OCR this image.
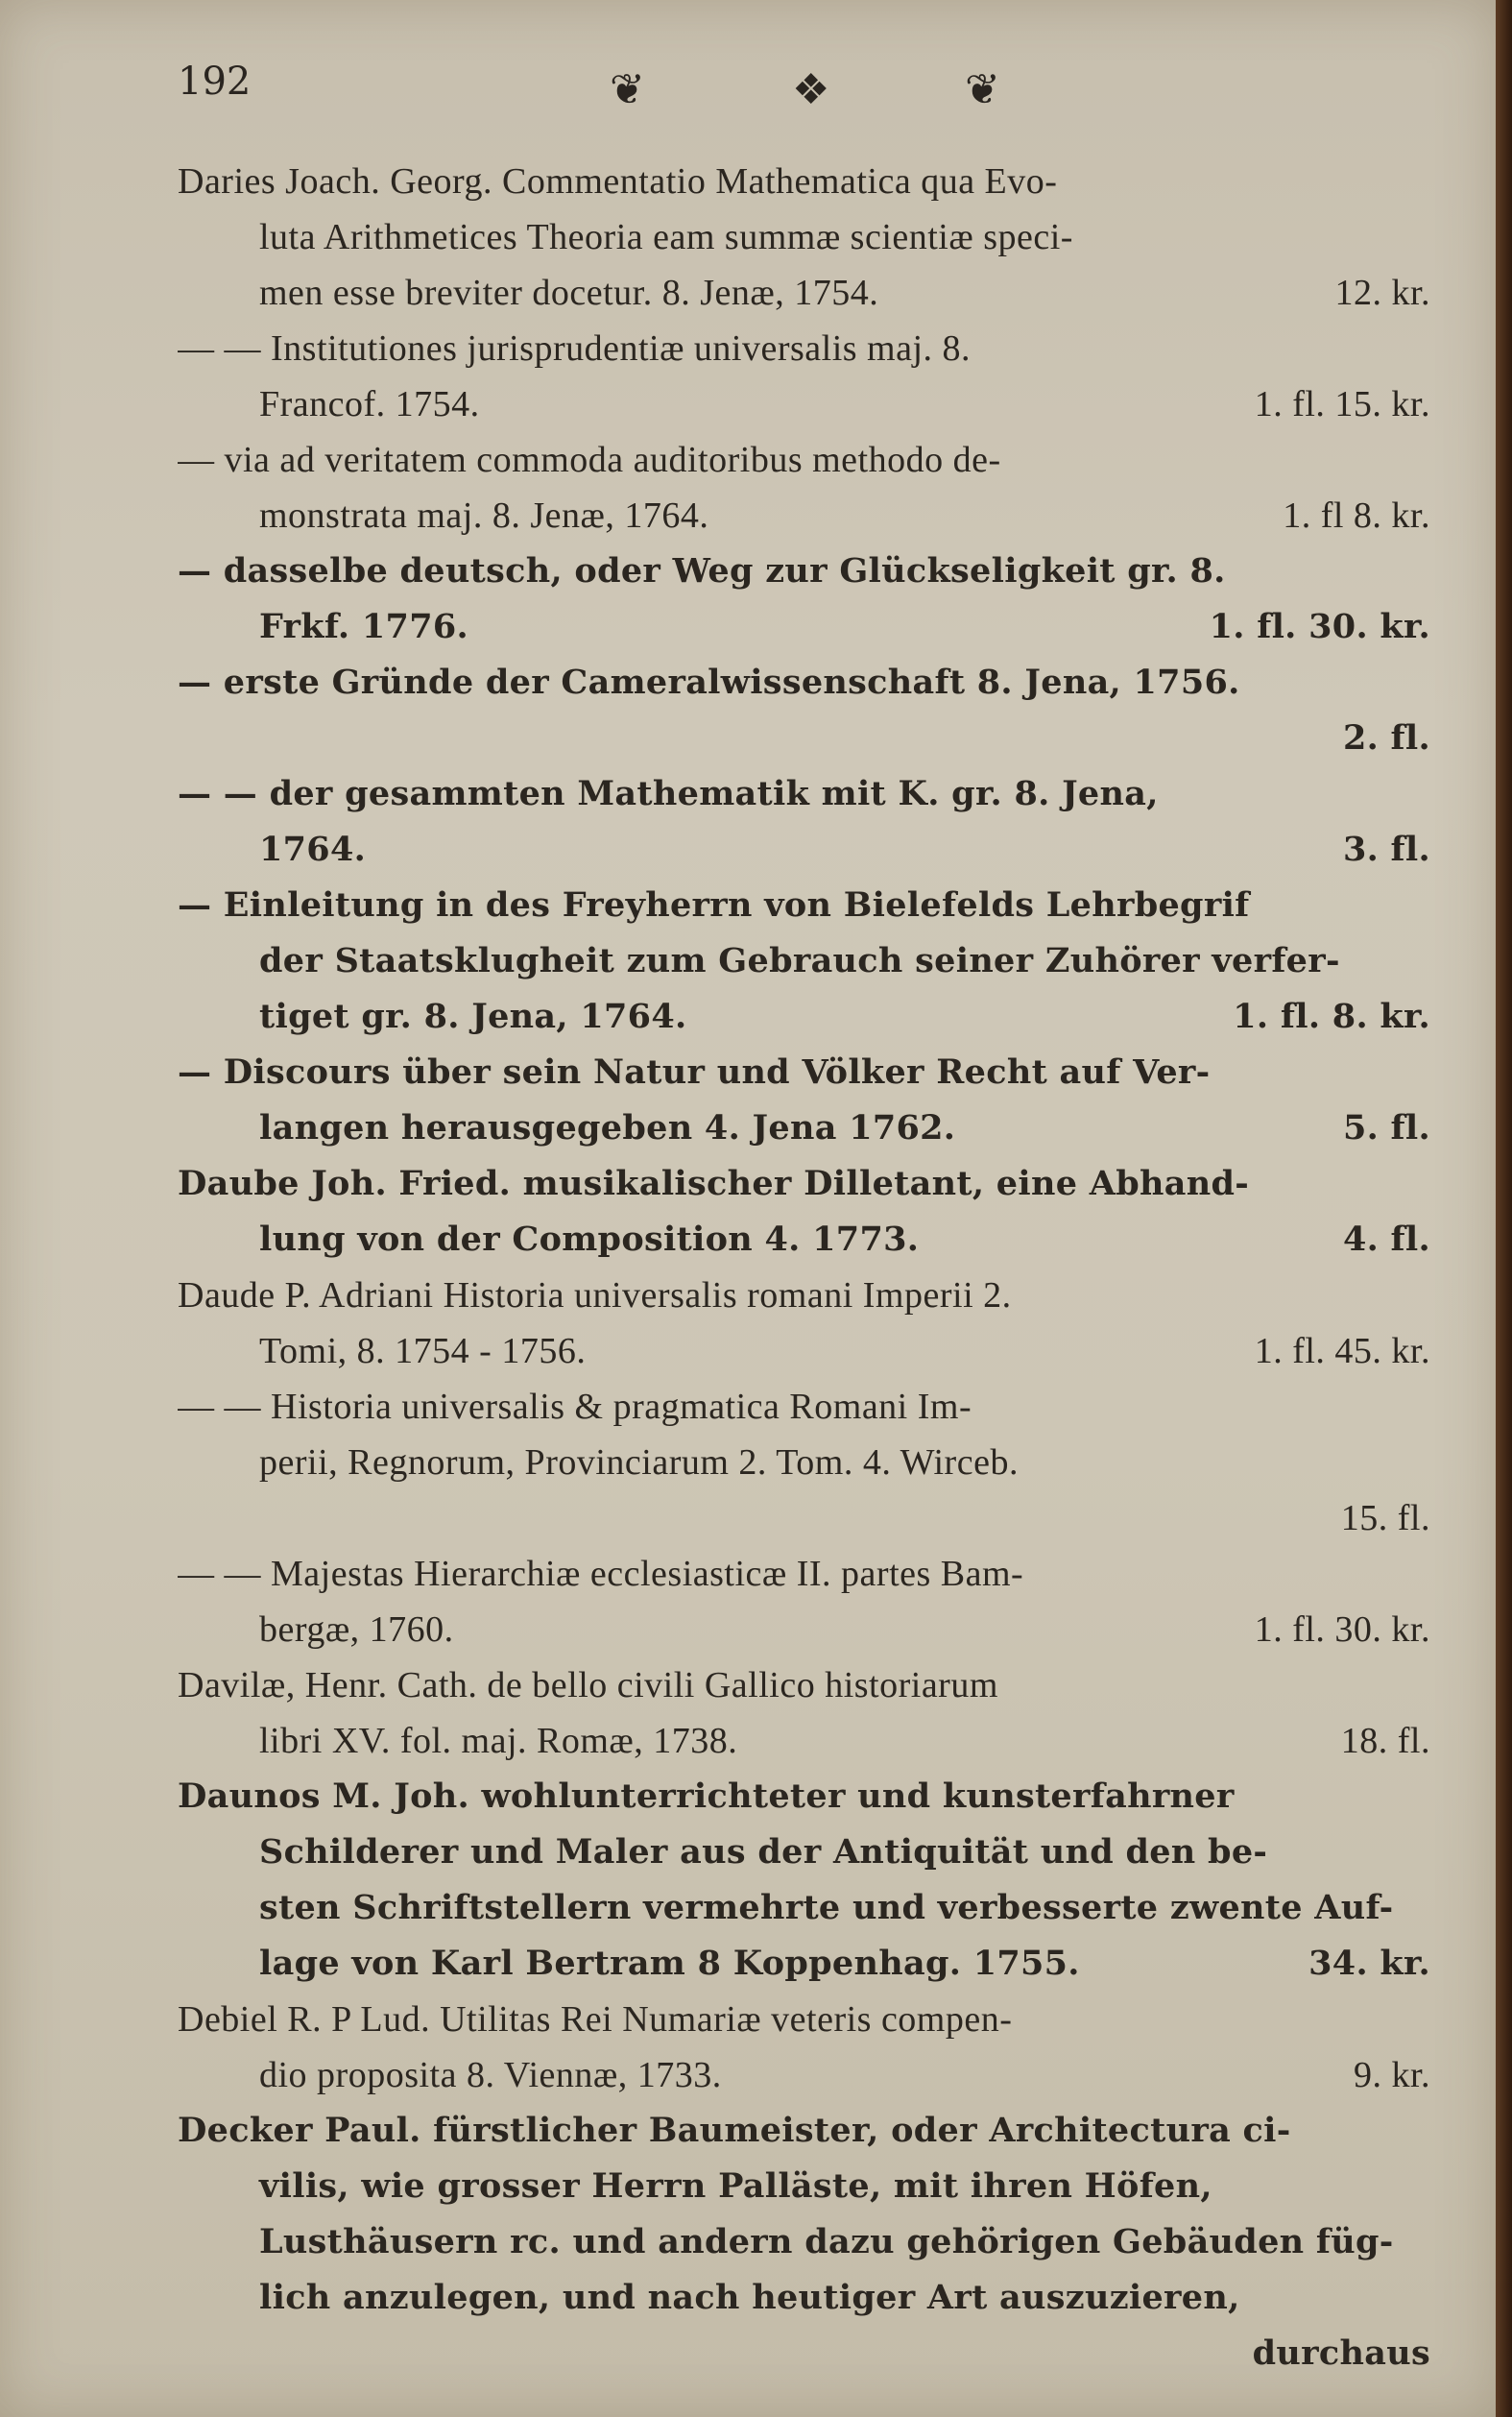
192	❦	❖	❦
Daries Joach. Georg. Commentatio Mathematica qua Evo-
luta Arithmetices Theoria eam summæ scientiæ speci-
men esse breviter docetur. 8. Jenæ, 1754.	12. kr.
— — Institutiones jurisprudentiæ universalis maj. 8.
Francof. 1754.	1. fl. 15. kr.
— via ad veritatem commoda auditoribus methodo de-
monstrata maj. 8. Jenæ, 1764.	1. fl 8. kr.
— dasselbe deutsch, oder Weg zur Glückseligkeit gr. 8.
Frkf. 1776.	1. fl. 30. kr.
— erste Gründe der Cameralwissenschaft 8. Jena, 1756.
2. fl.
— — der gesammten Mathematik mit K. gr. 8. Jena,
1764.	3. fl.
— Einleitung in des Freyherrn von Bielefelds Lehrbegrif
der Staatsklugheit zum Gebrauch seiner Zuhörer verfer-
tiget gr. 8. Jena, 1764.	1. fl. 8. kr.
— Discours über sein Natur und Völker Recht auf Ver-
langen herausgegeben 4. Jena 1762.	5. fl.
Daube Joh. Fried. musikalischer Dilletant, eine Abhand-
lung von der Composition 4. 1773.	4. fl.
Daude P. Adriani Historia universalis romani Imperii 2.
Tomi, 8. 1754 - 1756.	1. fl. 45. kr.
— — Historia universalis & pragmatica Romani Im-
perii, Regnorum, Provinciarum 2. Tom. 4. Wirceb.
15. fl.
— — Majestas Hierarchiæ ecclesiasticæ II. partes Bam-
bergæ, 1760.	1. fl. 30. kr.
Davilæ, Henr. Cath. de bello civili Gallico historiarum
libri XV. fol. maj. Romæ, 1738.	18. fl.
Daunos M. Joh. wohlunterrichteter und kunsterfahrner
Schilderer und Maler aus der Antiquität und den be-
sten Schriftstellern vermehrte und verbesserte zwente Auf-
lage von Karl Bertram 8 Koppenhag. 1755.	34. kr.
Debiel R. P Lud. Utilitas Rei Numariæ veteris compen-
dio proposita 8. Viennæ, 1733.	9. kr.
Decker Paul. fürstlicher Baumeister, oder Architectura ci-
vilis, wie grosser Herrn Palläste, mit ihren Höfen,
Lusthäusern rc. und andern dazu gehörigen Gebäuden füg-
lich anzulegen, und nach heutiger Art auszuzieren,
durchaus
